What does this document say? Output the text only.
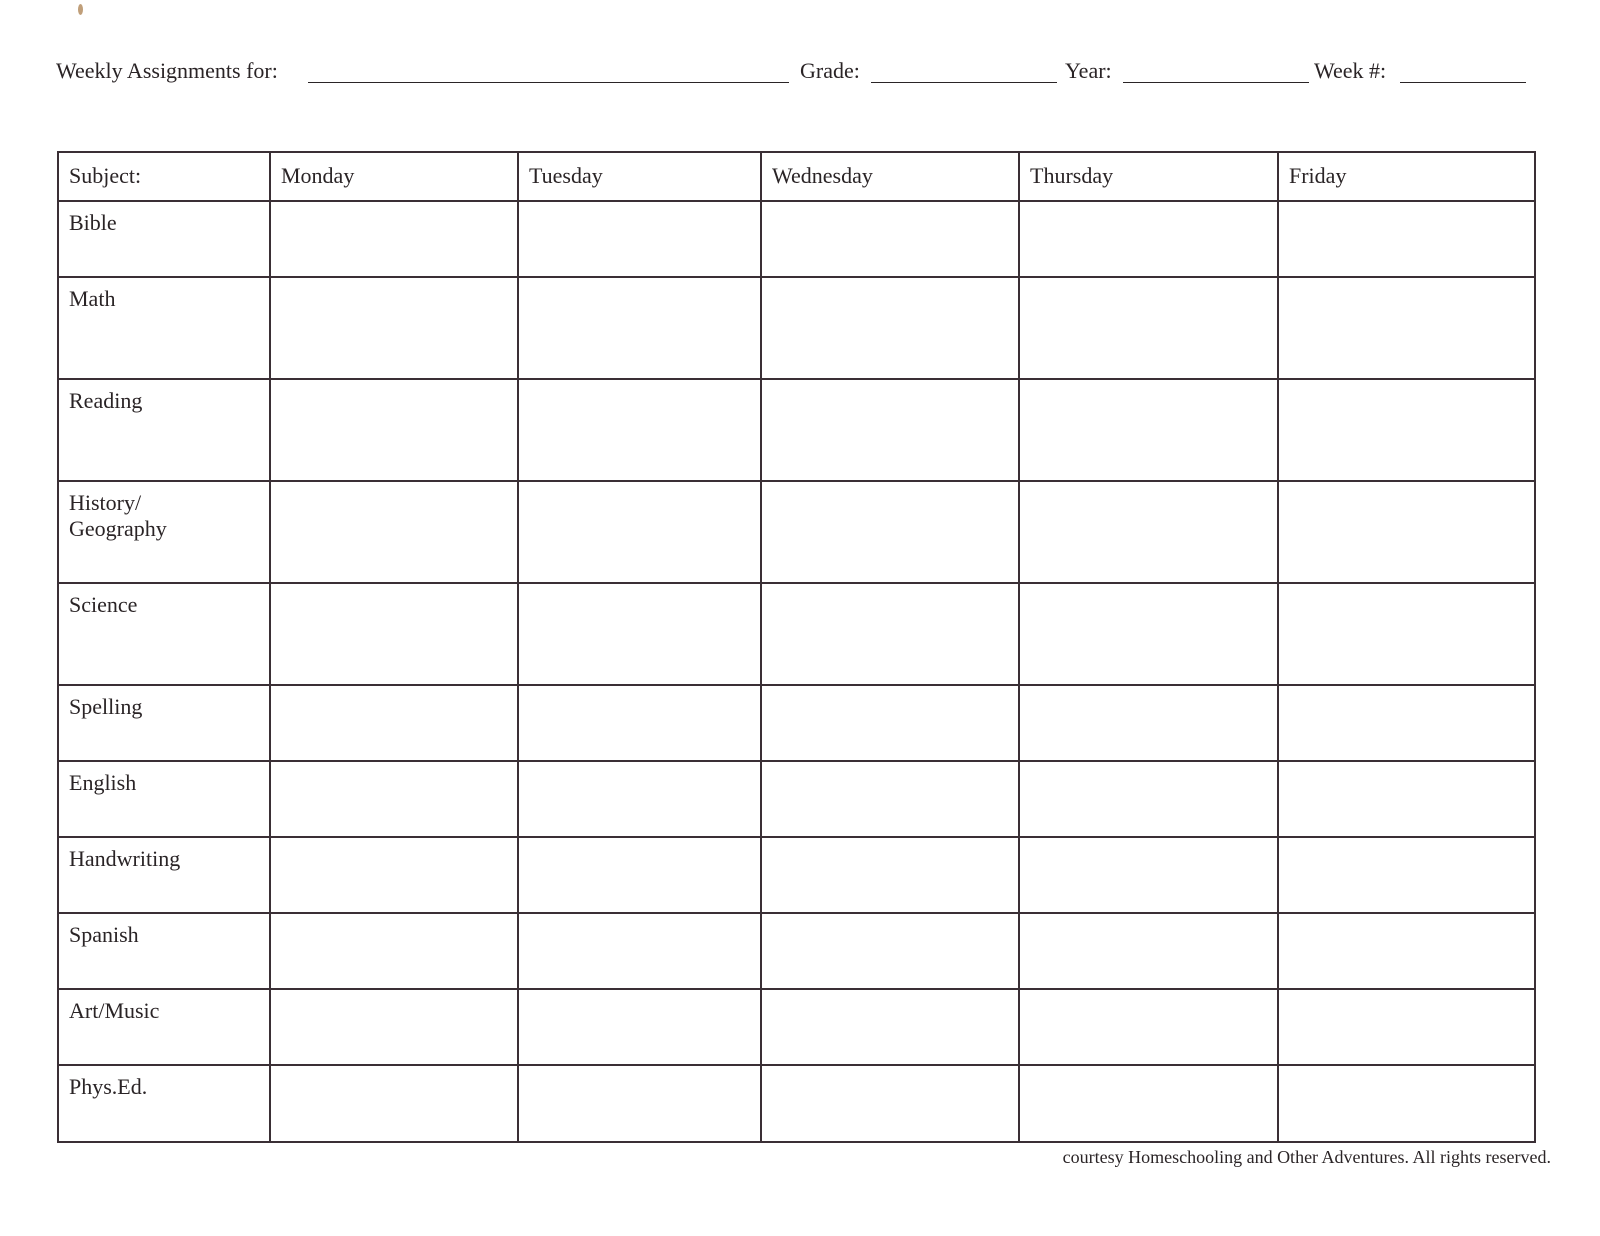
Weekly Assignments for:	Grade:	Year:	Week #:
Subject:	Monday	Tuesday	Wednesday	Thursday	Friday
Bible					
Math					
Reading					

History/
Geography					

Science					
Spelling					
English					
Handwriting					
Spanish					
Art/Music					
Phys.Ed.					
courtesy Homeschooling and Other Adventures. All rights reserved.
